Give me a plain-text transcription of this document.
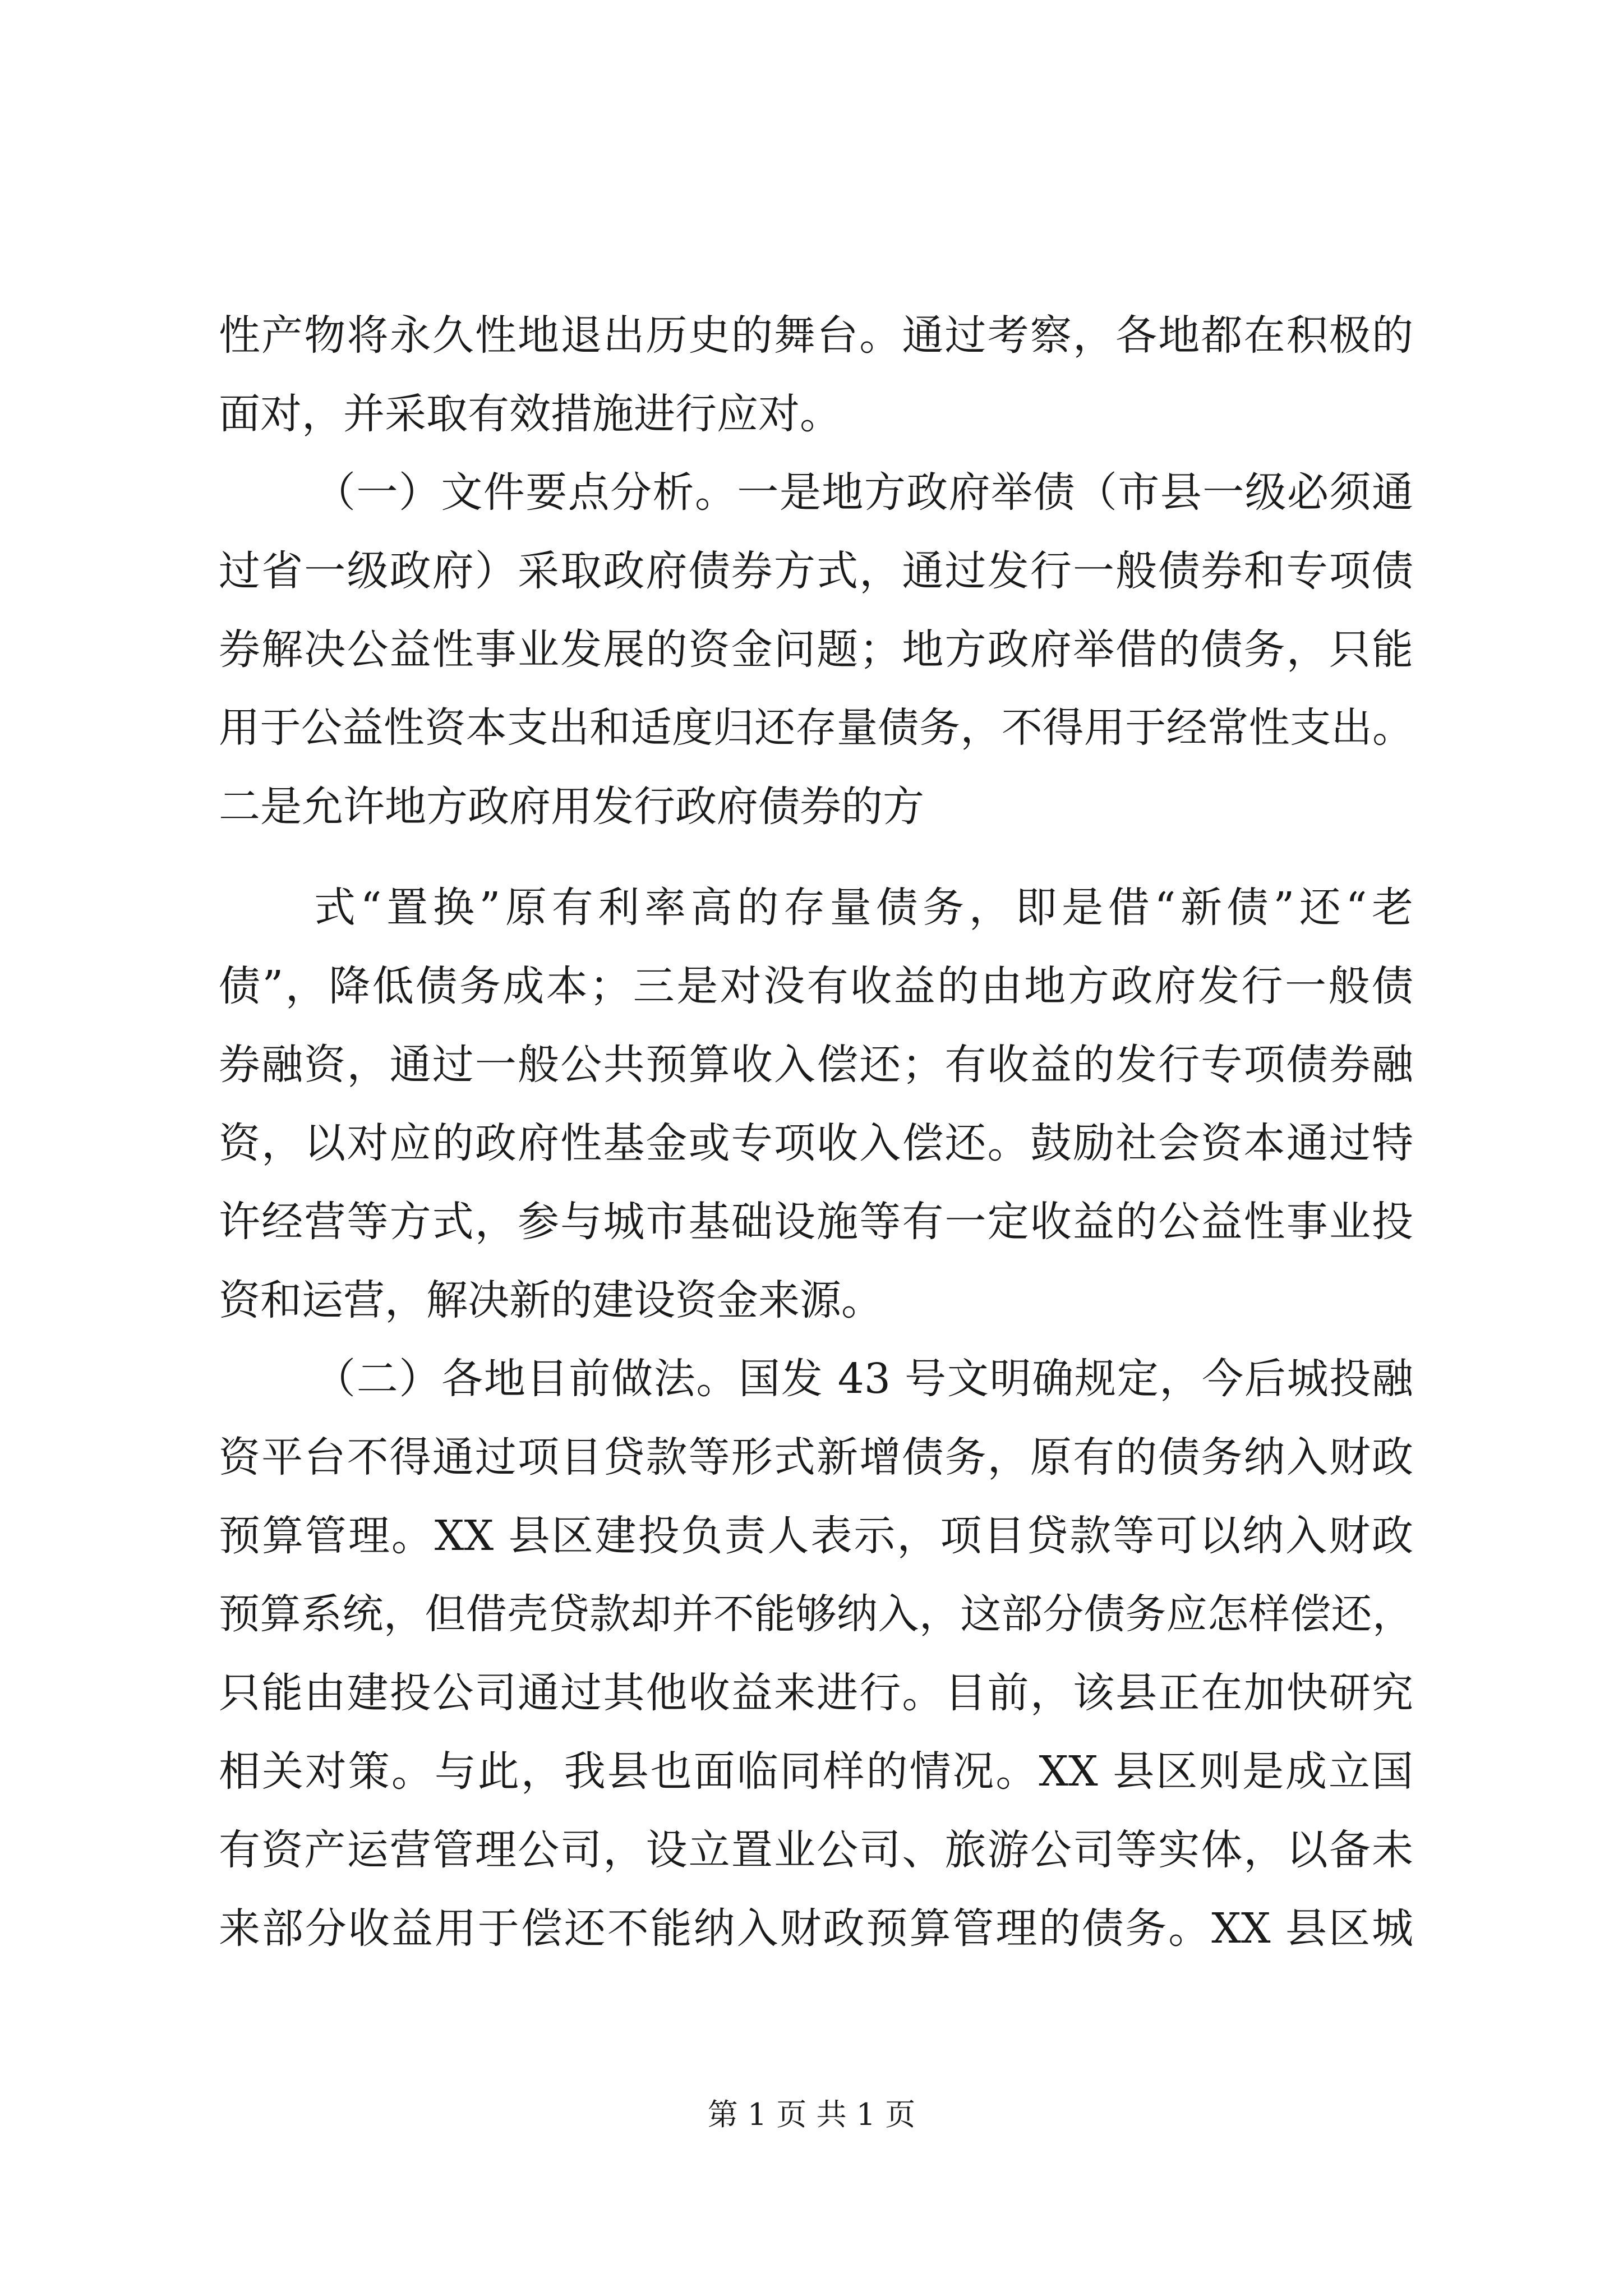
性产物将永久性地退出历史的舞台。通过考察，各地都在积极的
面对，并采取有效措施进行应对。
（一）文件要点分析。一是地方政府举债（市县一级必须通
过省一级政府）采取政府债券方式，通过发行一般债券和专项债
券解决公益性事业发展的资金问题；地方政府举借的债务，只能
用于公益性资本支出和适度归还存量债务，不得用于经常性支出。
二是允许地方政府用发行政府债券的方
式“置换”原有利率高的存量债务，即是借“新债”还“老
债”，降低债务成本；三是对没有收益的由地方政府发行一般债
券融资，通过一般公共预算收入偿还；有收益的发行专项债券融
资，以对应的政府性基金或专项收入偿还。鼓励社会资本通过特
许经营等方式，参与城市基础设施等有一定收益的公益性事业投
资和运营，解决新的建设资金来源。
（二）各地目前做法。国发 43 号文明确规定，今后城投融
资平台不得通过项目贷款等形式新增债务，原有的债务纳入财政
预算管理。XX 县区建投负责人表示，项目贷款等可以纳入财政
预算系统，但借壳贷款却并不能够纳入，这部分债务应怎样偿还，
只能由建投公司通过其他收益来进行。目前，该县正在加快研究
相关对策。与此，我县也面临同样的情况。XX 县区则是成立国
有资产运营管理公司，设立置业公司、旅游公司等实体，以备未
来部分收益用于偿还不能纳入财政预算管理的债务。XX 县区城
第 1 页 共 1 页
